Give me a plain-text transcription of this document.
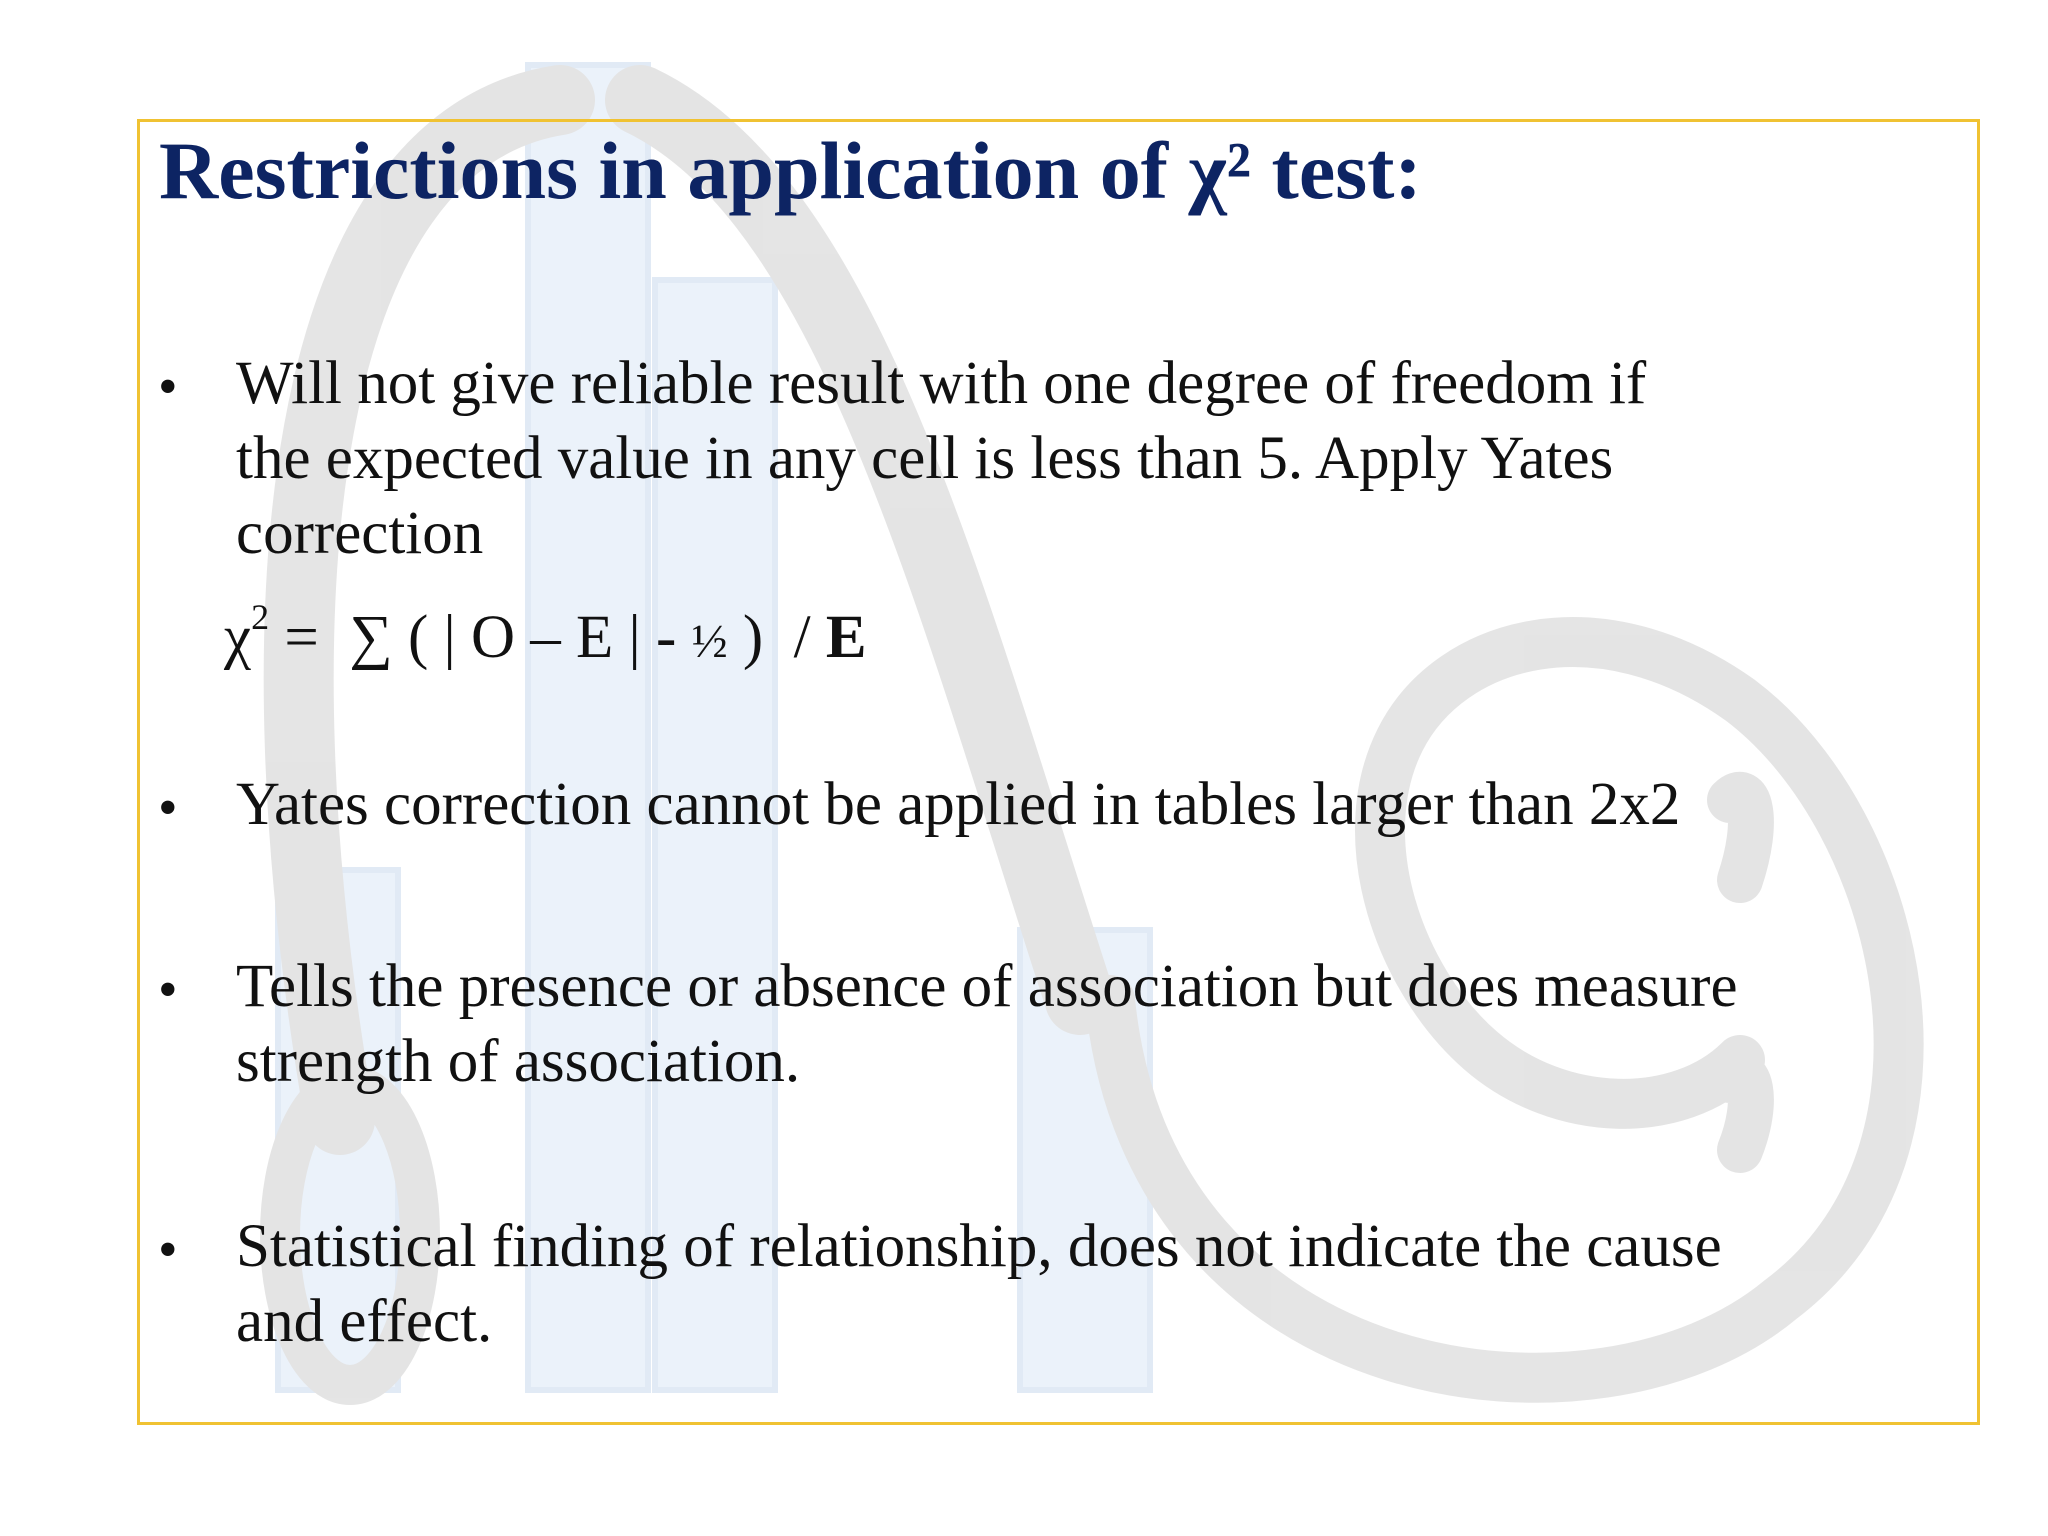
Restrictions in application of χ² test:
• Will not give reliable result with one degree of freedom if
the expected value in any cell is less than 5. Apply Yates
correction
$\chi^2$ =  ∑ ( | O – E | - ½ )  / E
• Yates correction cannot be applied in tables larger than 2x2
• Tells the presence or absence of association but does measure
strength of association.
• Statistical finding of relationship, does not indicate the cause
and effect.
